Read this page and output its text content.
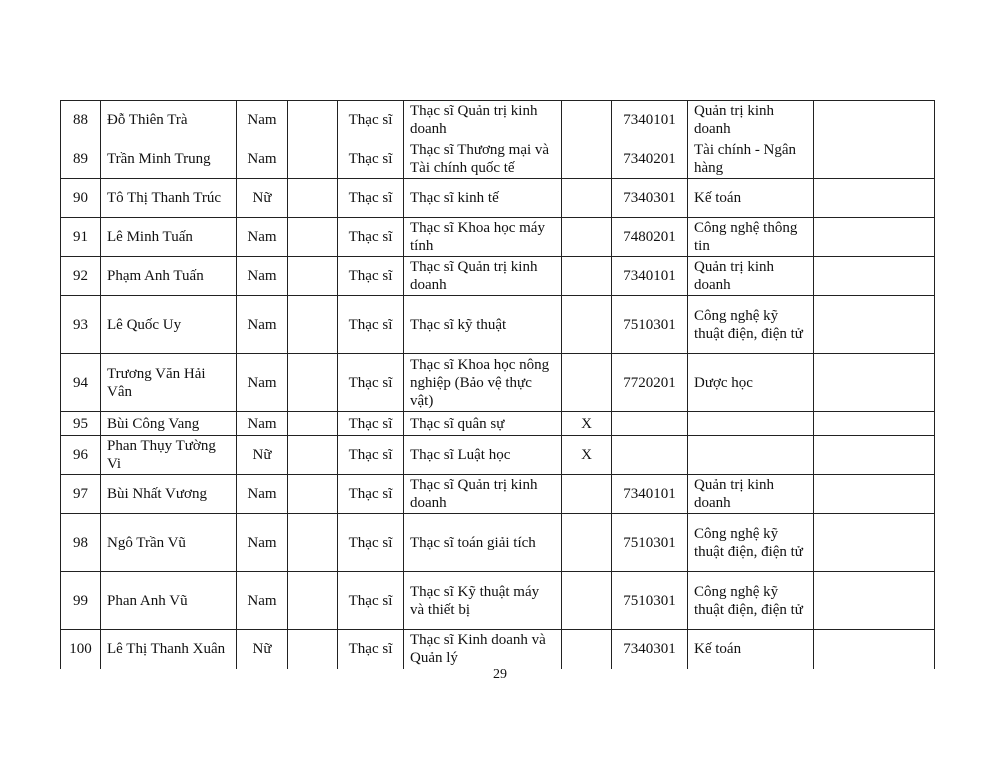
88	Đỗ Thiên Trà	Nam		Thạc sĩ	Thạc sĩ Quản trị kinh doanh		7340101	Quản trị kinh doanh	
89	Trần Minh Trung	Nam		Thạc sĩ	Thạc sĩ Thương mại và Tài chính quốc tế		7340201	Tài chính - Ngân hàng	
90	Tô Thị Thanh Trúc	Nữ		Thạc sĩ	Thạc sĩ kinh tế		7340301	Kế toán	
91	Lê Minh Tuấn	Nam		Thạc sĩ	Thạc sĩ Khoa học máy tính		7480201	Công nghệ thông tin	
92	Phạm Anh Tuấn	Nam		Thạc sĩ	Thạc sĩ Quản trị kinh doanh		7340101	Quản trị kinh doanh	
93	Lê Quốc Uy	Nam		Thạc sĩ	Thạc sĩ kỹ thuật		7510301	Công nghệ kỹ thuật điện, điện tử	
94	Trương Văn Hải Vân	Nam		Thạc sĩ	Thạc sĩ Khoa học nông nghiệp (Bảo vệ thực vật)		7720201	Dược học	
95	Bùi Công Vang	Nam		Thạc sĩ	Thạc sĩ quân sự	X			
96	Phan Thụy Tường Vi	Nữ		Thạc sĩ	Thạc sĩ Luật học	X			
97	Bùi Nhất Vương	Nam		Thạc sĩ	Thạc sĩ Quản trị kinh doanh		7340101	Quản trị kinh doanh	
98	Ngô Trần Vũ	Nam		Thạc sĩ	Thạc sĩ toán giải tích		7510301	Công nghệ kỹ thuật điện, điện tử	
99	Phan Anh Vũ	Nam		Thạc sĩ	Thạc sĩ Kỹ thuật máy và thiết bị		7510301	Công nghệ kỹ thuật điện, điện tử	
100	Lê Thị Thanh Xuân	Nữ		Thạc sĩ	Thạc sĩ Kinh doanh và Quản lý		7340301	Kế toán	
29
